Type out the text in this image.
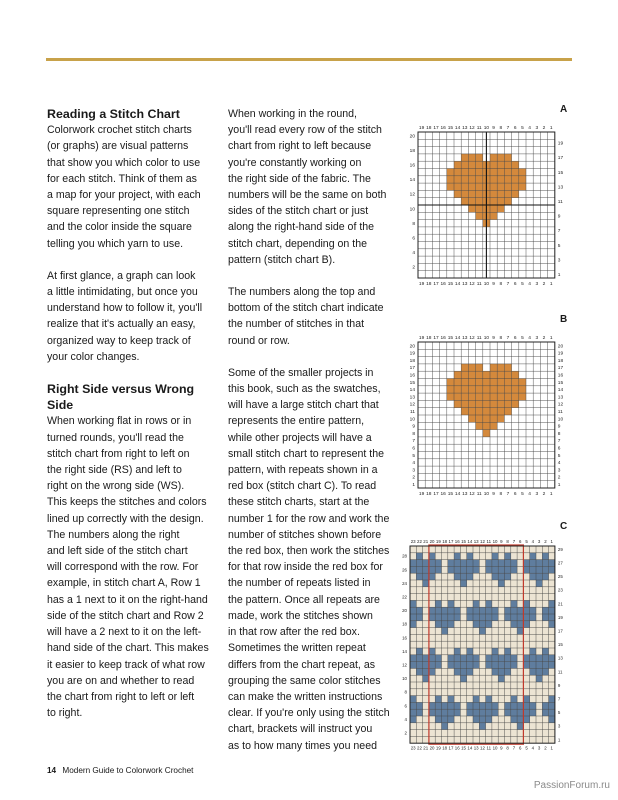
Reading a Stitch Chart

Colorwork crochet stitch charts
(or graphs) are visual patterns
that show you which color to use
for each stitch. Think of them as
a map for your project, with each
square representing one stitch
and the color inside the square
telling you which yarn to use.

At first glance, a graph can look
a little intimidating, but once you
understand how to follow it, you'll
realize that it's actually an easy,
organized way to keep track of
your color changes.

Right Side versus Wrong
Side

When working flat in rows or in
turned rounds, you'll read the
stitch chart from right to left on
the right side (RS) and left to
right on the wrong side (WS).
This keeps the stitches and colors
lined up correctly with the design.
The numbers along the right
and left side of the stitch chart
will correspond with the row. For
example, in stitch chart A, Row 1
has a 1 next to it on the right-hand
side of the stitch chart and Row 2
will have a 2 next to it on the left-
hand side of the chart. This makes
it easier to keep track of what row
you are on and whether to read
the chart from right to left or left
to right.

When working in the round,
you'll read every row of the stitch
chart from right to left because
you're constantly working on
the right side of the fabric. The
numbers will be the same on both
sides of the stitch chart or just
along the right-hand side of the
stitch chart, depending on the
pattern (stitch chart B).

The numbers along the top and
bottom of the stitch chart indicate
the number of stitches in that
round or row.

Some of the smaller projects in
this book, such as the swatches,
will have a large stitch chart that
represents the entire pattern,
while other projects will have a
small stitch chart to represent the
pattern, with repeats shown in a
red box (stitch chart C). To read
these stitch charts, start at the
number 1 for the row and work the
number of stitches shown before
the red box, then work the stitches
for that row inside the red box for
the number of repeats listed in
the pattern. Once all repeats are
made, work the stitches shown
in that row after the red box.
Sometimes the written repeat
differs from the chart repeat, as
grouping the same color stitches
can make the written instructions
clear. If you're only using the stitch
chart, brackets will instruct you
as to how many times you need

A
19
19
18
18
17
17
16
16
15
15
14
14
13
13
12
12
11
11
10
10
9
9
8
8
7
7
6
6
5
5
4
4
3
3
2
2
1
1
20
19
18
17
16
15
14
13
12
11
10
9
8
7
6
5
4
3
2
1
B
19
19
18
18
17
17
16
16
15
15
14
14
13
13
12
12
11
11
10
10
9
9
8
8
7
7
6
6
5
5
4
4
3
3
2
2
1
1
20
20
19
19
18
18
17
17
16
16
15
15
14
14
13
13
12
12
11
11
10
10
9
9
8
8
7
7
6
6
5
5
4
4
3
3
2
2
1
1
C
23
23
22
22
21
21
20
20
19
19
18
18
17
17
16
16
15
15
14
14
13
13
12
12
11
11
10
10
9
9
8
8
7
7
6
6
5
5
4
4
3
3
2
2
1
1
29
28
27
26
25
24
23
22
21
20
19
18
17
16
15
14
13
12
11
10
9
8
7
6
5
4
3
2
1
14 Modern Guide to Colorwork Crochet
PassionForum.ru
